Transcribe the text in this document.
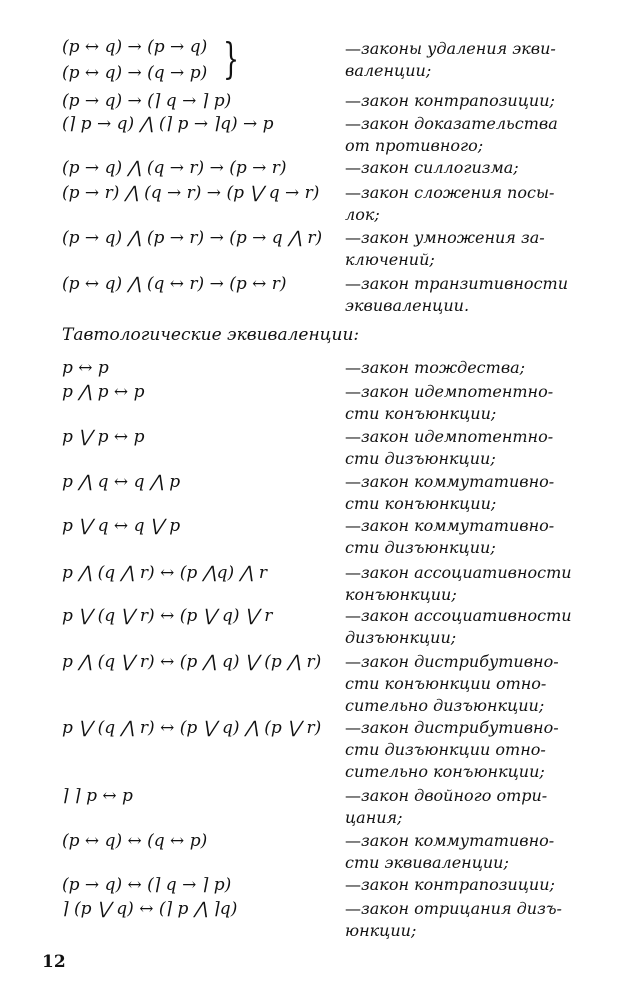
(p ↔ q) → (p → q)
(p ↔ q) → (q → p) }	—законы удаления экви-
валенции;
(p → q) → (⌉ q → ⌉ p)	—закон контрапозиции;
(⌉ p → q) ⋀ (⌉ p → ⌉q) → p	—закон доказательства
от противного;
(p → q) ⋀ (q → r) → (p → r)	—закон силлогизма;
(p → r) ⋀ (q → r) → (p ⋁ q → r) —закон сложения посы-
лок;
(p → q) ⋀ (p → r) → (p → q ⋀ r) —закон умножения за-
ключений;
(p ↔ q) ⋀ (q ↔ r) → (p ↔ r)	—закон транзитивности
эквиваленции.
Тавтологические эквиваленции:
p ↔ p	—закон тождества;
p ⋀ p ↔ p	—закон идемпотентно-
сти конъюнкции;
p ⋁ p ↔ p	—закон идемпотентно-
сти дизъюнкции;
p ⋀ q ↔ q ⋀ p	—закон коммутативно-
сти конъюнкции;
p ⋁ q ↔ q ⋁ p	—закон коммутативно-
сти дизъюнкции;
p ⋀ (q ⋀ r) ↔ (p ⋀q) ⋀ r	—закон ассоциативности
конъюнкции;
p ⋁ (q ⋁ r) ↔ (p ⋁ q) ⋁ r	—закон ассоциативности
дизъюнкции;
p ⋀ (q ⋁ r) ↔ (p ⋀ q) ⋁ (p ⋀ r) —закон дистрибутивно-
сти конъюнкции отно-
сительно дизъюнкции;
p ⋁ (q ⋀ r) ↔ (p ⋁ q) ⋀ (p ⋁ r) —закон дистрибутивно-
сти дизъюнкции отно-
сительно конъюнкции;
⌉ ⌉ p ↔ p	—закон двойного отри-
цания;
(p ↔ q) ↔ (q ↔ p)	—закон коммутативно-
сти эквиваленции;
(p → q) ↔ (⌉ q → ⌉ p)	—закон контрапозиции;
⌉ (p ⋁ q) ↔ (⌉ p ⋀ ⌉q)	—закон отрицания дизъ-
юнкции;
12
